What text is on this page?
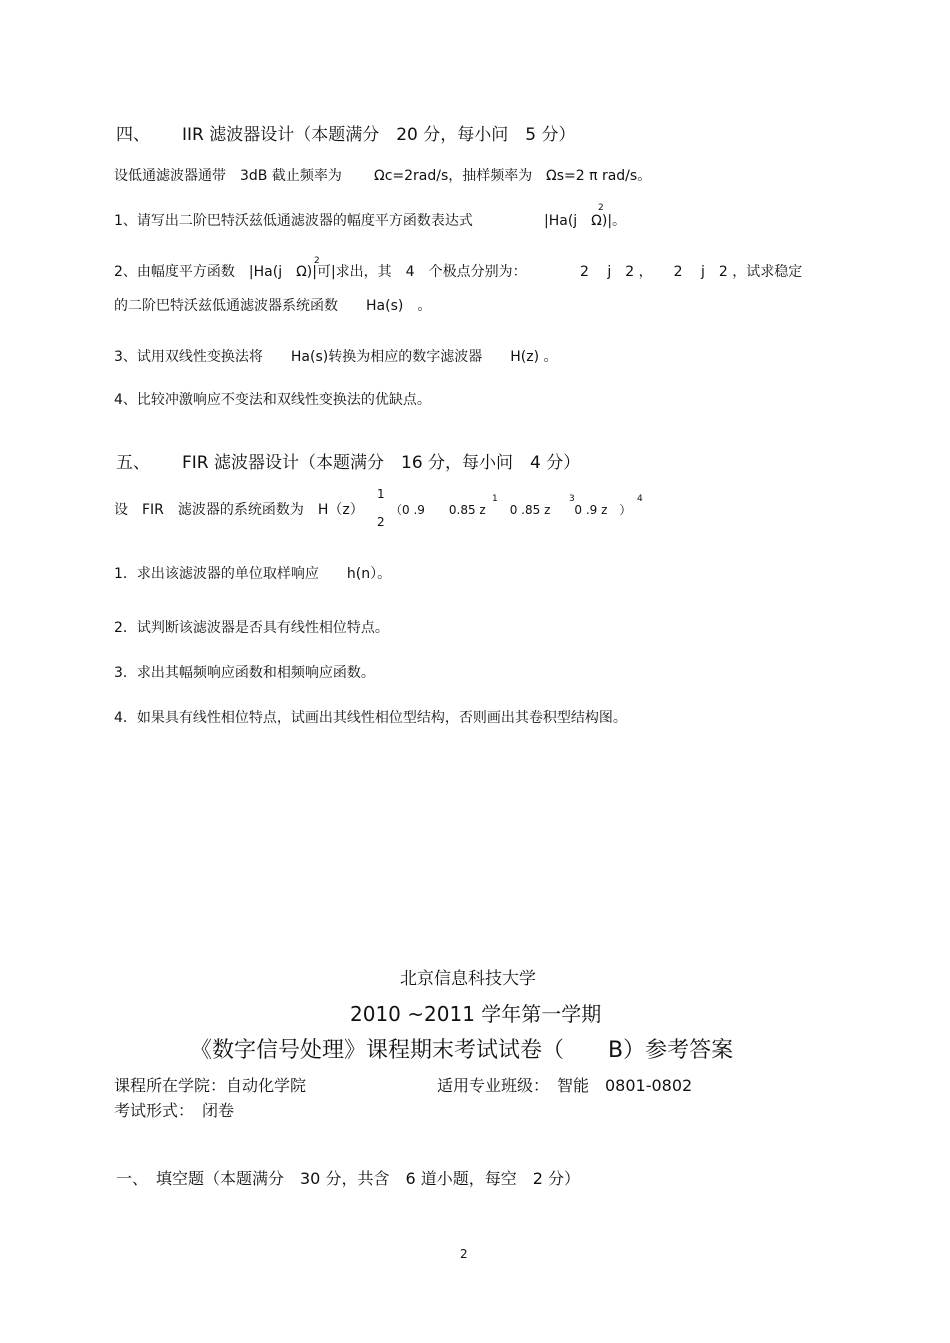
四、 IIR 滤波器设计（本题满分　20 分，每小问　5 分）
设低通滤波器通带　3dB 截止频率为 Ωc=2rad/s，抽样频率为 Ωs=2 π rad/s。
1、请写出二阶巴特沃兹低通滤波器的幅度平方函数表达式	|Ha(j　Ω)|。
2
2、由幅度平方函数　|Ha(j　Ω)|可|求出，其　4　个极点分别为：
2
2　 j　2 ，　　2　 j　2 ，试求稳定
的二阶巴特沃兹低通滤波器系统函数　　Ha(s)　。
3、试用双线性变换法将　　Ha(s)转换为相应的数字滤波器　　H(z) 。
4、比较冲激响应不变法和双线性变换法的优缺点。
五、 FIR 滤波器设计（本题满分　16 分，每小问　4 分）
设　FIR　滤波器的系统函数为　H（z）
1
2
（0 .9　　0.85 z　　0 .85 z　　0 .9 z　）
1	3	4
1．求出该滤波器的单位取样响应　　h(n）。
2．试判断该滤波器是否具有线性相位特点。
3．求出其幅频响应函数和相频响应函数。
4．如果具有线性相位特点，试画出其线性相位型结构，否则画出其卷积型结构图。
北京信息科技大学
2010 ~2011 学年第一学期
《数字信号处理》课程期末考试试卷（　　B）参考答案
课程所在学院：自动化学院	适用专业班级：　智能　0801-0802
考试形式：　闭卷
一、　填空题（本题满分　30 分，共含　6 道小题，每空　2 分）
2
